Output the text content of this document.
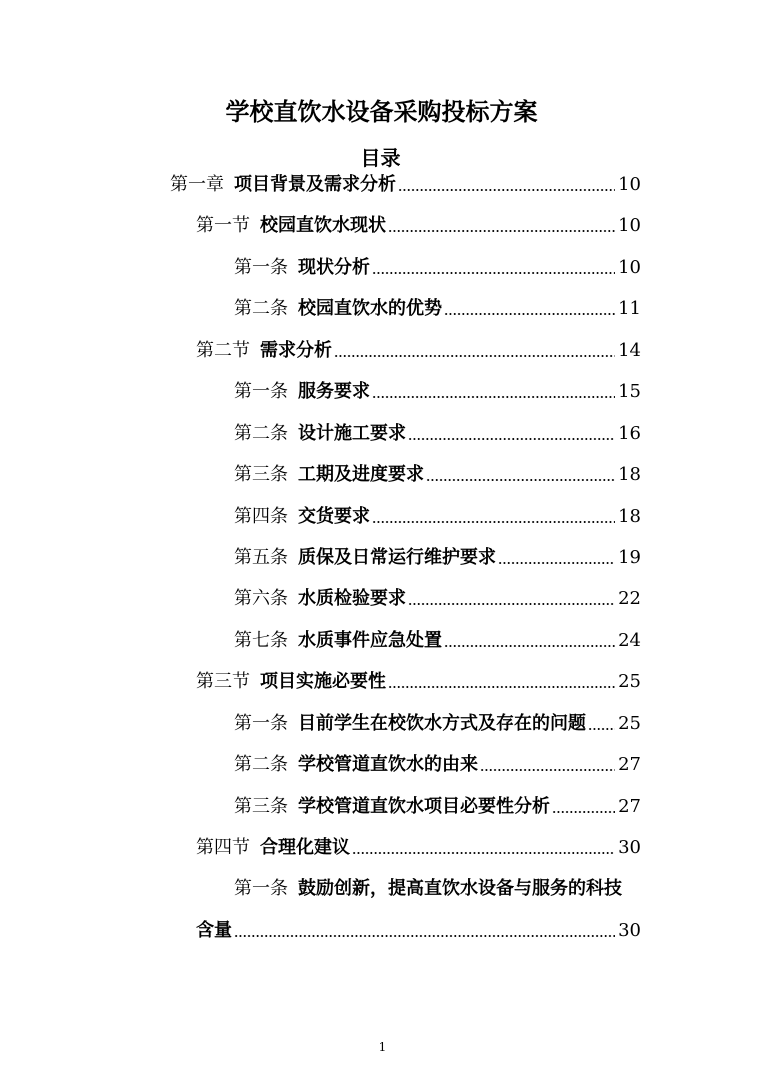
学校直饮水设备采购投标方案
目录
第一章 项目背景及需求分析	10
第一节 校园直饮水现状	10
第一条 现状分析	10
第二条 校园直饮水的优势	11
第二节 需求分析	14
第一条 服务要求	15
第二条 设计施工要求	16
第三条 工期及进度要求	18
第四条 交货要求	18
第五条 质保及日常运行维护要求	19
第六条 水质检验要求	22
第七条 水质事件应急处置	24
第三节 项目实施必要性	25
第一条 目前学生在校饮水方式及存在的问题 25
第二条 学校管道直饮水的由来	27
第三条 学校管道直饮水项目必要性分析	27
第四节 合理化建议	30
第一条 鼓励创新，提高直饮水设备与服务的科技
含量	30
1
